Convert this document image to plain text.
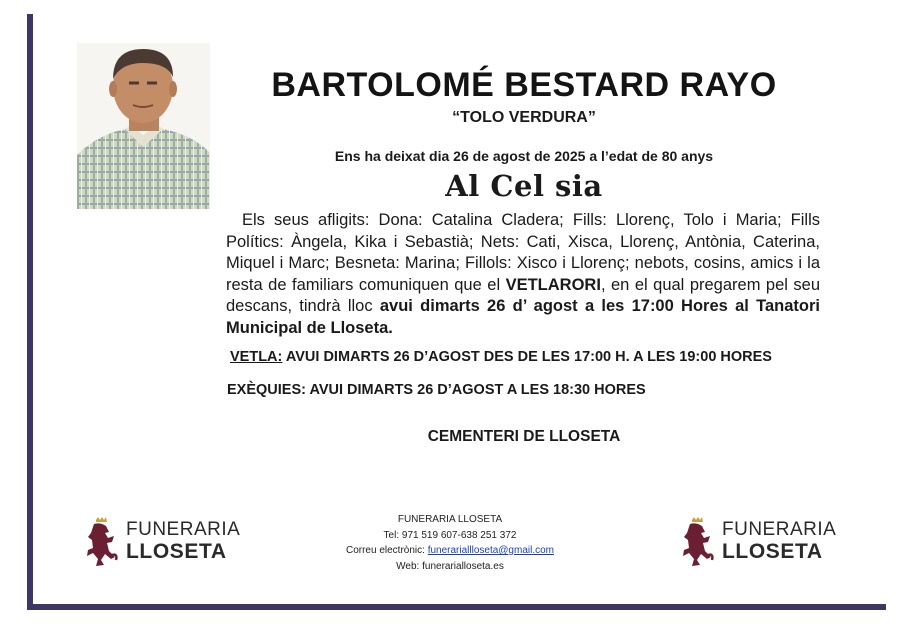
BARTOLOMÉ BESTARD RAYO
“TOLO VERDURA”
Ens ha deixat dia 26 de agost de 2025 a l’edat de 80 anys
Al Cel sia
Els seus afligits: Dona: Catalina Cladera; Fills: Llorenç, Tolo i Maria; Fills Polítics: Àngela, Kika i Sebastià; Nets: Cati, Xisca, Llorenç, Antònia, Caterina, Miquel i Marc; Besneta: Marina; Fillols: Xisco i Llorenç; nebots, cosins, amics i la resta de familiars comuniquen que el VETLARORI, en el qual pregarem pel seu descans, tindrà lloc avui dimarts 26 d’ agost a les 17:00 Hores al Tanatori Municipal de Lloseta.
VETLA: AVUI DIMARTS 26 D’AGOST DES DE LES 17:00 H. A LES 19:00 HORES
EXÈQUIES: AVUI DIMARTS 26 D’AGOST A LES 18:30 HORES
CEMENTERI DE LLOSETA
FUNERARIA LLOSETA
Tel: 971 519 607-638 251 372
Correu electrònic: funerariallloseta@gmail.com
Web: funerarialloseta.es
FUNERARIA
LLOSETA
FUNERARIA
LLOSETA
